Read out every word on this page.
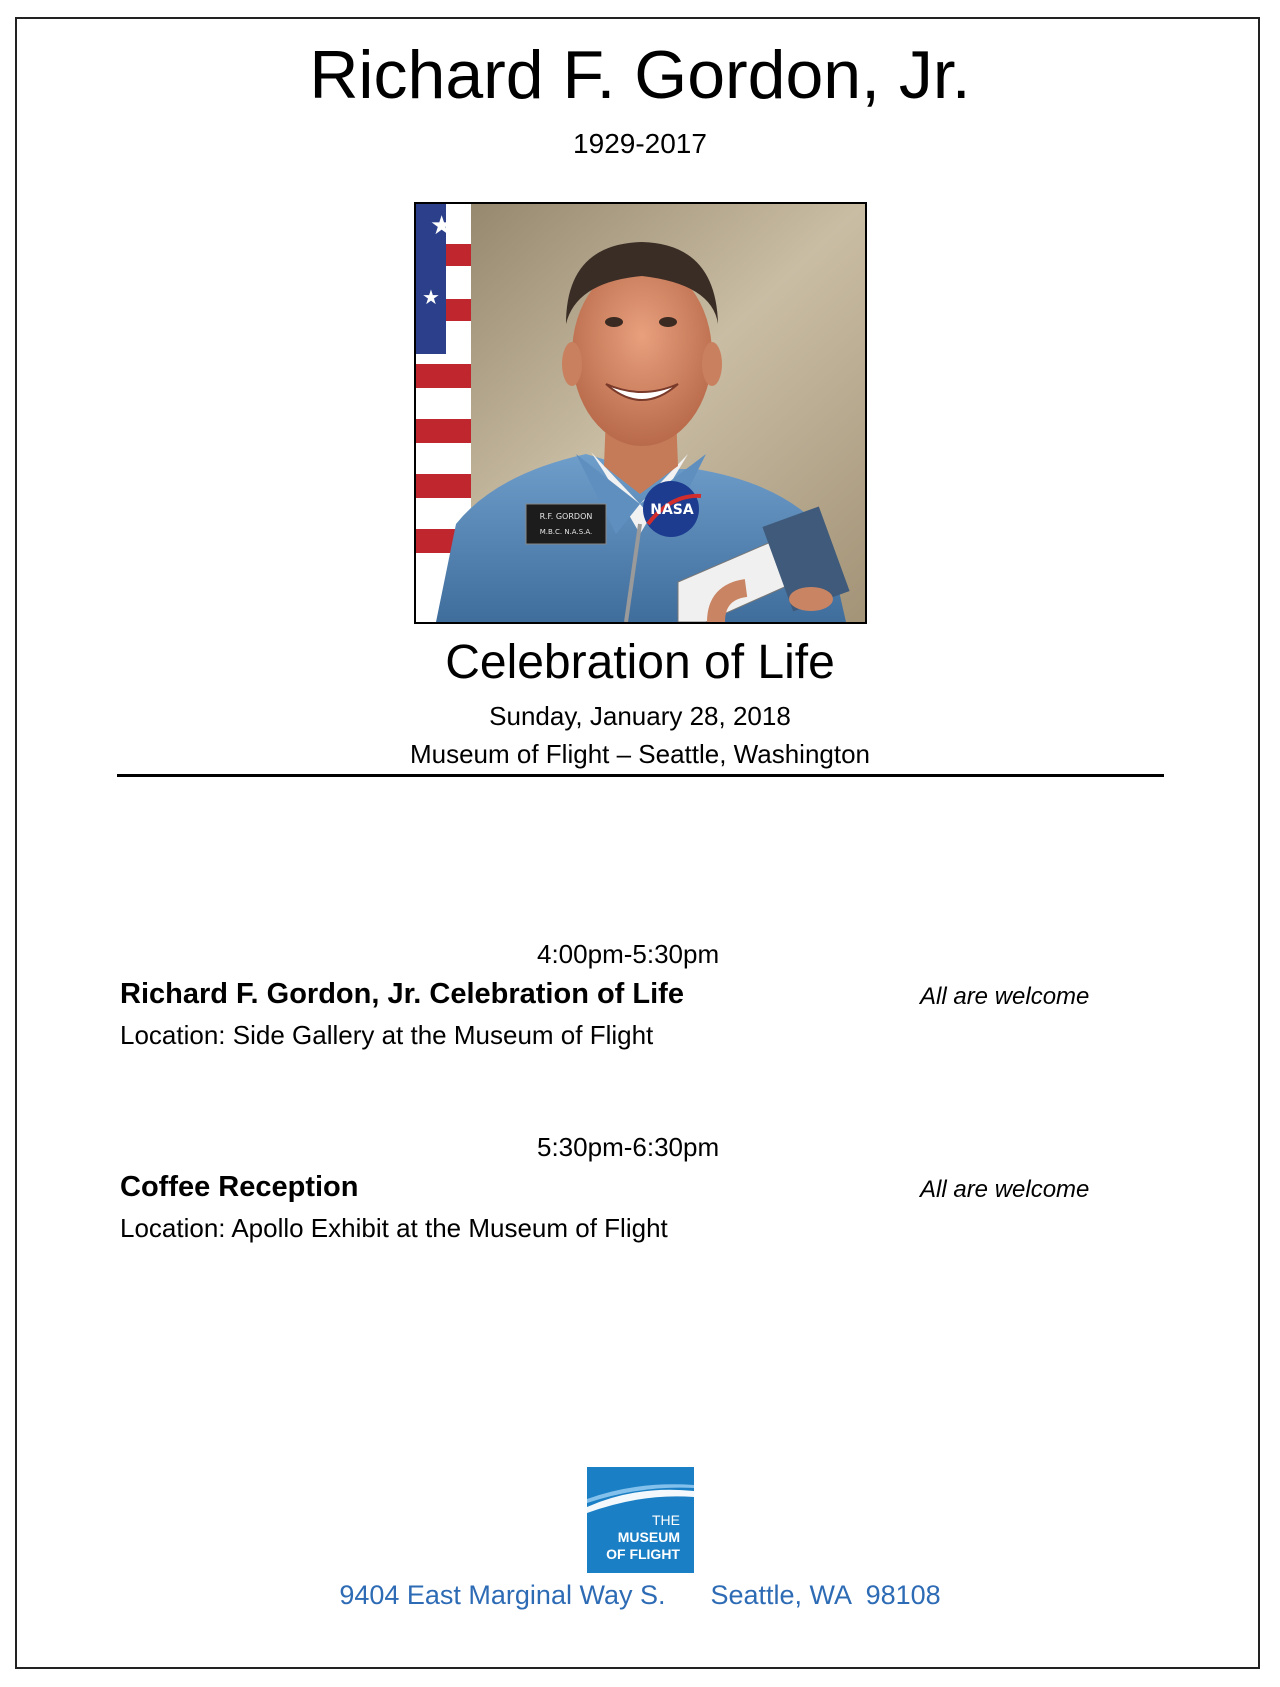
Richard F. Gordon, Jr.
1929-2017
★
★
R.F. GORDON
M.B.C. N.A.S.A.
NASA
Celebration of Life
Sunday, January 28, 2018
Museum of Flight – Seattle, Washington
4:00pm-5:30pm
Richard F. Gordon, Jr. Celebration of Life	All are welcome
Location: Side Gallery at the Museum of Flight
5:30pm-6:30pm
Coffee Reception	All are welcome
Location: Apollo Exhibit at the Museum of Flight
THE
MUSEUM
OF FLIGHT
9404 East Marginal Way S. Seattle, WA  98108
